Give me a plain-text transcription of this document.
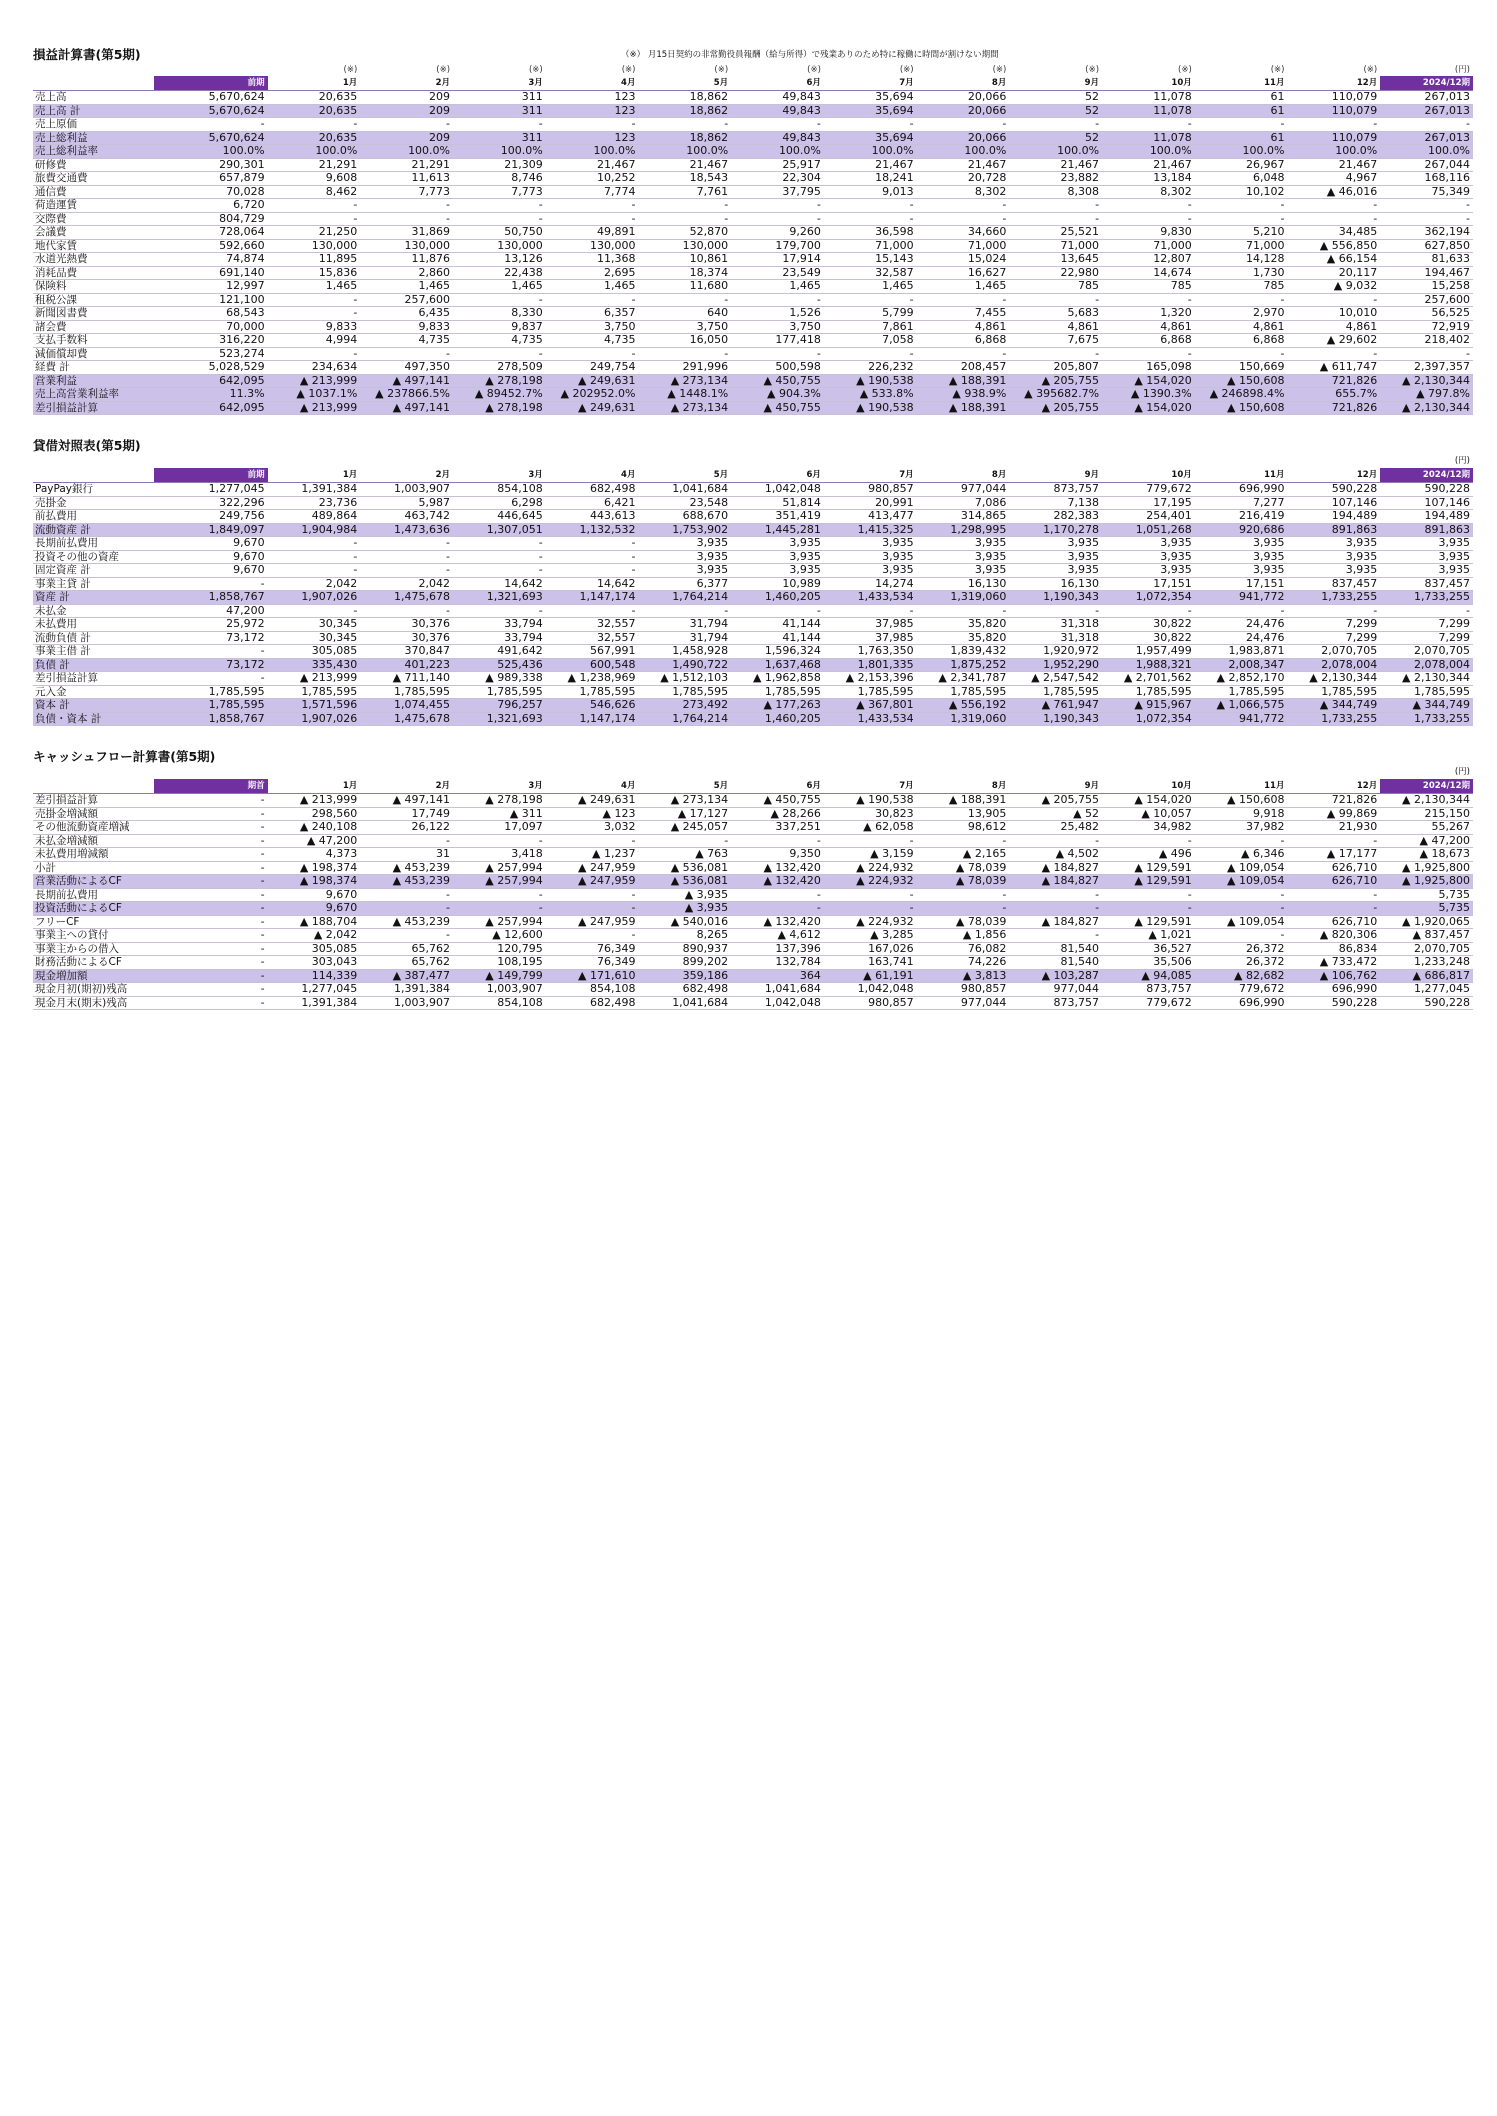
損益計算書(第5期)	（※） 月15日契約の非常勤役員報酬（給与所得）で残業ありのため特に稼働に時間が割けない期間
		(※)	(※)	(※)	(※)	(※)	(※)	(※)	(※)	(※)	(※)	(※)	(※)	(円)
	前期	1月	2月	3月	4月	5月	6月	7月	8月	9月	10月	11月	12月	2024/12期
売上高	5,670,624	20,635	209	311	123	18,862	49,843	35,694	20,066	52	11,078	61	110,079	267,013
売上高 計	5,670,624	20,635	209	311	123	18,862	49,843	35,694	20,066	52	11,078	61	110,079	267,013
売上原価	-	-	-	-	-	-	-	-	-	-	-	-	-	-
売上総利益	5,670,624	20,635	209	311	123	18,862	49,843	35,694	20,066	52	11,078	61	110,079	267,013
売上総利益率	100.0%	100.0%	100.0%	100.0%	100.0%	100.0%	100.0%	100.0%	100.0%	100.0%	100.0%	100.0%	100.0%	100.0%
研修費	290,301	21,291	21,291	21,309	21,467	21,467	25,917	21,467	21,467	21,467	21,467	26,967	21,467	267,044
旅費交通費	657,879	9,608	11,613	8,746	10,252	18,543	22,304	18,241	20,728	23,882	13,184	6,048	4,967	168,116
通信費	70,028	8,462	7,773	7,773	7,774	7,761	37,795	9,013	8,302	8,308	8,302	10,102	▲ 46,016	75,349
荷造運賃	6,720	-	-	-	-	-	-	-	-	-	-	-	-	-
交際費	804,729	-	-	-	-	-	-	-	-	-	-	-	-	-
会議費	728,064	21,250	31,869	50,750	49,891	52,870	9,260	36,598	34,660	25,521	9,830	5,210	34,485	362,194
地代家賃	592,660	130,000	130,000	130,000	130,000	130,000	179,700	71,000	71,000	71,000	71,000	71,000	▲ 556,850	627,850
水道光熱費	74,874	11,895	11,876	13,126	11,368	10,861	17,914	15,143	15,024	13,645	12,807	14,128	▲ 66,154	81,633
消耗品費	691,140	15,836	2,860	22,438	2,695	18,374	23,549	32,587	16,627	22,980	14,674	1,730	20,117	194,467
保険料	12,997	1,465	1,465	1,465	1,465	11,680	1,465	1,465	1,465	785	785	785	▲ 9,032	15,258
租税公課	121,100	-	257,600	-	-	-	-	-	-	-	-	-	-	257,600
新聞図書費	68,543	-	6,435	8,330	6,357	640	1,526	5,799	7,455	5,683	1,320	2,970	10,010	56,525
諸会費	70,000	9,833	9,833	9,837	3,750	3,750	3,750	7,861	4,861	4,861	4,861	4,861	4,861	72,919
支払手数料	316,220	4,994	4,735	4,735	4,735	16,050	177,418	7,058	6,868	7,675	6,868	6,868	▲ 29,602	218,402
減価償却費	523,274	-	-	-	-	-	-	-	-	-	-	-	-	-
経費 計	5,028,529	234,634	497,350	278,509	249,754	291,996	500,598	226,232	208,457	205,807	165,098	150,669	▲ 611,747	2,397,357
営業利益	642,095	▲ 213,999	▲ 497,141	▲ 278,198	▲ 249,631	▲ 273,134	▲ 450,755	▲ 190,538	▲ 188,391	▲ 205,755	▲ 154,020	▲ 150,608	721,826	▲ 2,130,344
売上高営業利益率	11.3%	▲ 1037.1%	▲ 237866.5%	▲ 89452.7%	▲ 202952.0%	▲ 1448.1%	▲ 904.3%	▲ 533.8%	▲ 938.9%	▲ 395682.7%	▲ 1390.3%	▲ 246898.4%	655.7%	▲ 797.8%
差引損益計算	642,095	▲ 213,999	▲ 497,141	▲ 278,198	▲ 249,631	▲ 273,134	▲ 450,755	▲ 190,538	▲ 188,391	▲ 205,755	▲ 154,020	▲ 150,608	721,826	▲ 2,130,344
貸借対照表(第5期)
														(円)
	前期	1月	2月	3月	4月	5月	6月	7月	8月	9月	10月	11月	12月	2024/12期
PayPay銀行	1,277,045	1,391,384	1,003,907	854,108	682,498	1,041,684	1,042,048	980,857	977,044	873,757	779,672	696,990	590,228	590,228
売掛金	322,296	23,736	5,987	6,298	6,421	23,548	51,814	20,991	7,086	7,138	17,195	7,277	107,146	107,146
前払費用	249,756	489,864	463,742	446,645	443,613	688,670	351,419	413,477	314,865	282,383	254,401	216,419	194,489	194,489
流動資産 計	1,849,097	1,904,984	1,473,636	1,307,051	1,132,532	1,753,902	1,445,281	1,415,325	1,298,995	1,170,278	1,051,268	920,686	891,863	891,863
長期前払費用	9,670	-	-	-	-	3,935	3,935	3,935	3,935	3,935	3,935	3,935	3,935	3,935
投資その他の資産	9,670	-	-	-	-	3,935	3,935	3,935	3,935	3,935	3,935	3,935	3,935	3,935
固定資産 計	9,670	-	-	-	-	3,935	3,935	3,935	3,935	3,935	3,935	3,935	3,935	3,935
事業主貸 計	-	2,042	2,042	14,642	14,642	6,377	10,989	14,274	16,130	16,130	17,151	17,151	837,457	837,457
資産 計	1,858,767	1,907,026	1,475,678	1,321,693	1,147,174	1,764,214	1,460,205	1,433,534	1,319,060	1,190,343	1,072,354	941,772	1,733,255	1,733,255
未払金	47,200	-	-	-	-	-	-	-	-	-	-	-	-	-
未払費用	25,972	30,345	30,376	33,794	32,557	31,794	41,144	37,985	35,820	31,318	30,822	24,476	7,299	7,299
流動負債 計	73,172	30,345	30,376	33,794	32,557	31,794	41,144	37,985	35,820	31,318	30,822	24,476	7,299	7,299
事業主借 計	-	305,085	370,847	491,642	567,991	1,458,928	1,596,324	1,763,350	1,839,432	1,920,972	1,957,499	1,983,871	2,070,705	2,070,705
負債 計	73,172	335,430	401,223	525,436	600,548	1,490,722	1,637,468	1,801,335	1,875,252	1,952,290	1,988,321	2,008,347	2,078,004	2,078,004
差引損益計算	-	▲ 213,999	▲ 711,140	▲ 989,338	▲ 1,238,969	▲ 1,512,103	▲ 1,962,858	▲ 2,153,396	▲ 2,341,787	▲ 2,547,542	▲ 2,701,562	▲ 2,852,170	▲ 2,130,344	▲ 2,130,344
元入金	1,785,595	1,785,595	1,785,595	1,785,595	1,785,595	1,785,595	1,785,595	1,785,595	1,785,595	1,785,595	1,785,595	1,785,595	1,785,595	1,785,595
資本 計	1,785,595	1,571,596	1,074,455	796,257	546,626	273,492	▲ 177,263	▲ 367,801	▲ 556,192	▲ 761,947	▲ 915,967	▲ 1,066,575	▲ 344,749	▲ 344,749
負債・資本 計	1,858,767	1,907,026	1,475,678	1,321,693	1,147,174	1,764,214	1,460,205	1,433,534	1,319,060	1,190,343	1,072,354	941,772	1,733,255	1,733,255
キャッシュフロー計算書(第5期)
														(円)
	期首	1月	2月	3月	4月	5月	6月	7月	8月	9月	10月	11月	12月	2024/12期
差引損益計算	-	▲ 213,999	▲ 497,141	▲ 278,198	▲ 249,631	▲ 273,134	▲ 450,755	▲ 190,538	▲ 188,391	▲ 205,755	▲ 154,020	▲ 150,608	721,826	▲ 2,130,344
売掛金増減額	-	298,560	17,749	▲ 311	▲ 123	▲ 17,127	▲ 28,266	30,823	13,905	▲ 52	▲ 10,057	9,918	▲ 99,869	215,150
その他流動資産増減	-	▲ 240,108	26,122	17,097	3,032	▲ 245,057	337,251	▲ 62,058	98,612	25,482	34,982	37,982	21,930	55,267
未払金増減額	-	▲ 47,200	-	-	-	-	-	-	-	-	-	-	-	▲ 47,200
未払費用増減額	-	4,373	31	3,418	▲ 1,237	▲ 763	9,350	▲ 3,159	▲ 2,165	▲ 4,502	▲ 496	▲ 6,346	▲ 17,177	▲ 18,673
小計	-	▲ 198,374	▲ 453,239	▲ 257,994	▲ 247,959	▲ 536,081	▲ 132,420	▲ 224,932	▲ 78,039	▲ 184,827	▲ 129,591	▲ 109,054	626,710	▲ 1,925,800
営業活動によるCF	-	▲ 198,374	▲ 453,239	▲ 257,994	▲ 247,959	▲ 536,081	▲ 132,420	▲ 224,932	▲ 78,039	▲ 184,827	▲ 129,591	▲ 109,054	626,710	▲ 1,925,800
長期前払費用	-	9,670	-	-	-	▲ 3,935	-	-	-	-	-	-	-	5,735
投資活動によるCF	-	9,670	-	-	-	▲ 3,935	-	-	-	-	-	-	-	5,735
フリーCF	-	▲ 188,704	▲ 453,239	▲ 257,994	▲ 247,959	▲ 540,016	▲ 132,420	▲ 224,932	▲ 78,039	▲ 184,827	▲ 129,591	▲ 109,054	626,710	▲ 1,920,065
事業主への貸付	-	▲ 2,042	-	▲ 12,600	-	8,265	▲ 4,612	▲ 3,285	▲ 1,856	-	▲ 1,021	-	▲ 820,306	▲ 837,457
事業主からの借入	-	305,085	65,762	120,795	76,349	890,937	137,396	167,026	76,082	81,540	36,527	26,372	86,834	2,070,705
財務活動によるCF	-	303,043	65,762	108,195	76,349	899,202	132,784	163,741	74,226	81,540	35,506	26,372	▲ 733,472	1,233,248
現金増加額	-	114,339	▲ 387,477	▲ 149,799	▲ 171,610	359,186	364	▲ 61,191	▲ 3,813	▲ 103,287	▲ 94,085	▲ 82,682	▲ 106,762	▲ 686,817
現金月初(期初)残高	-	1,277,045	1,391,384	1,003,907	854,108	682,498	1,041,684	1,042,048	980,857	977,044	873,757	779,672	696,990	1,277,045
現金月末(期末)残高	-	1,391,384	1,003,907	854,108	682,498	1,041,684	1,042,048	980,857	977,044	873,757	779,672	696,990	590,228	590,228
